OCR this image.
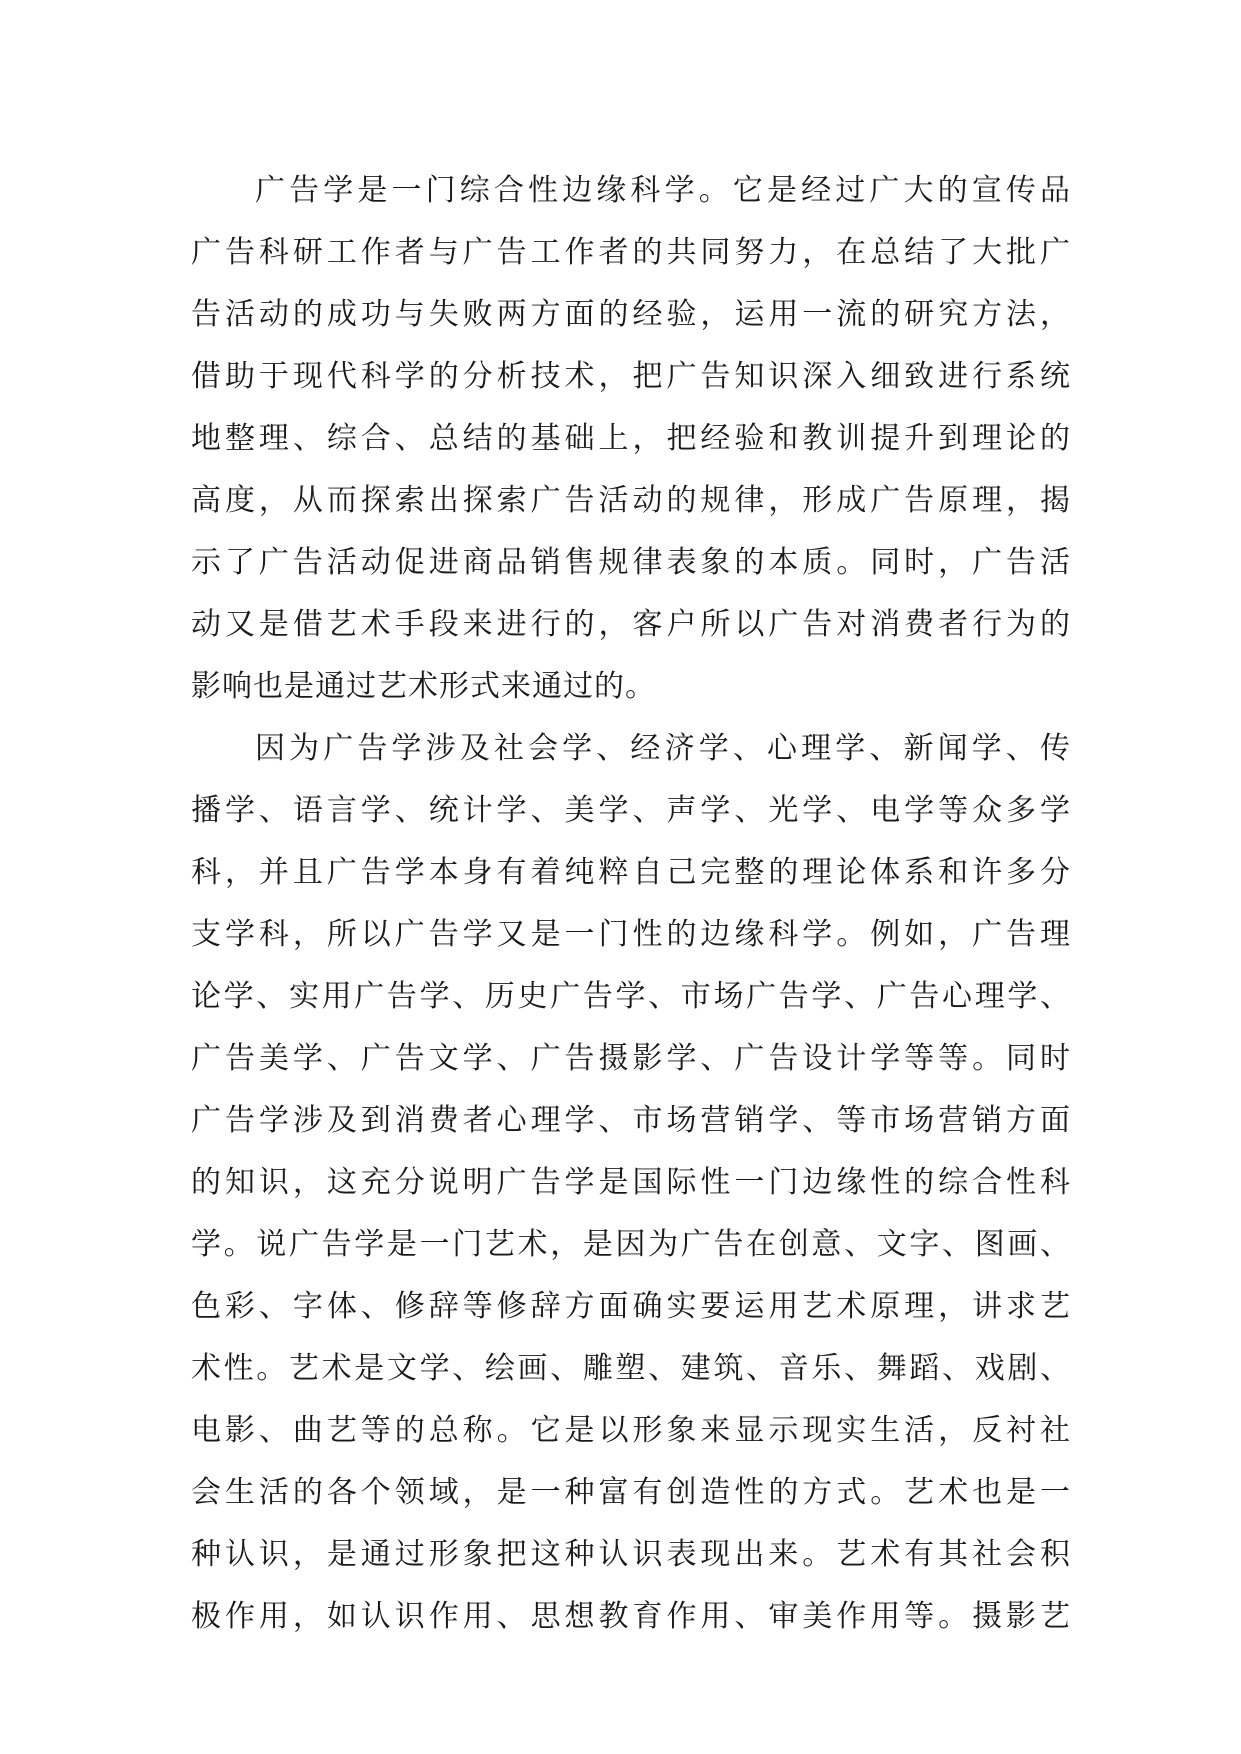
广告学是一门综合性边缘科学。它是经过广大的宣传品
广告科研工作者与广告工作者的共同努力，在总结了大批广
告活动的成功与失败两方面的经验，运用一流的研究方法，
借助于现代科学的分析技术，把广告知识深入细致进行系统
地整理、综合、总结的基础上，把经验和教训提升到理论的
高度，从而探索出探索广告活动的规律，形成广告原理，揭
示了广告活动促进商品销售规律表象的本质。同时，广告活
动又是借艺术手段来进行的，客户所以广告对消费者行为的
影响也是通过艺术形式来通过的。
因为广告学涉及社会学、经济学、心理学、新闻学、传
播学、语言学、统计学、美学、声学、光学、电学等众多学
科，并且广告学本身有着纯粹自己完整的理论体系和许多分
支学科，所以广告学又是一门性的边缘科学。例如，广告理
论学、实用广告学、历史广告学、市场广告学、广告心理学、
广告美学、广告文学、广告摄影学、广告设计学等等。同时
广告学涉及到消费者心理学、市场营销学、等市场营销方面
的知识，这充分说明广告学是国际性一门边缘性的综合性科
学。说广告学是一门艺术，是因为广告在创意、文字、图画、
色彩、字体、修辞等修辞方面确实要运用艺术原理，讲求艺
术性。艺术是文学、绘画、雕塑、建筑、音乐、舞蹈、戏剧、
电影、曲艺等的总称。它是以形象来显示现实生活，反衬社
会生活的各个领域，是一种富有创造性的方式。艺术也是一
种认识，是通过形象把这种认识表现出来。艺术有其社会积
极作用，如认识作用、思想教育作用、审美作用等。摄影艺
